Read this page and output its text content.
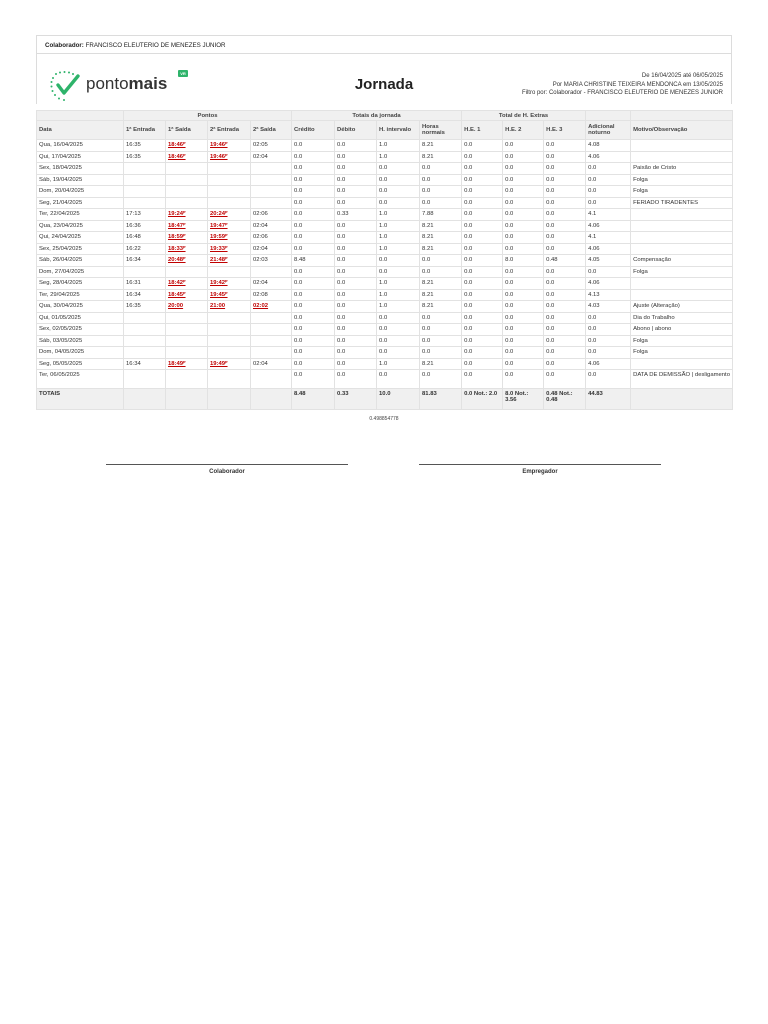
Colaborador: FRANCISCO ELEUTERIO DE MENEZES JUNIOR
pontomais
VR
Jornada	De 16/04/2025 até 06/05/2025
Por MARIA CHRISTINE TEIXEIRA MENDONCA em 13/05/2025
Filtro por: Colaborador - FRANCISCO ELEUTERIO DE MENEZES JUNIOR
	Pontos				Totais da jornada				Total de H. Extras				
Data	1ª Entrada	1ª Saída	2ª Entrada	2ª Saída	Crédito	Débito	H. intervalo	Horas normais	H.E. 1	H.E. 2	H.E. 3	Adicional noturno	Motivo/Observação
Qua, 16/04/2025	16:35	18:46ᴾ	19:46ᴾ	02:05	0.0	0.0	1.0	8.21	0.0	0.0	0.0	4.08	
Qui, 17/04/2025	16:35	18:46ᴾ	19:46ᴾ	02:04	0.0	0.0	1.0	8.21	0.0	0.0	0.0	4.06	
Sex, 18/04/2025					0.0	0.0	0.0	0.0	0.0	0.0	0.0	0.0	Paixão de Cristo
Sáb, 19/04/2025					0.0	0.0	0.0	0.0	0.0	0.0	0.0	0.0	Folga
Dom, 20/04/2025					0.0	0.0	0.0	0.0	0.0	0.0	0.0	0.0	Folga
Seg, 21/04/2025					0.0	0.0	0.0	0.0	0.0	0.0	0.0	0.0	FERIADO TIRADENTES
Ter, 22/04/2025	17:13	19:24ᴾ	20:24ᴾ	02:06	0.0	0.33	1.0	7.88	0.0	0.0	0.0	4.1	
Qua, 23/04/2025	16:36	18:47ᴾ	19:47ᴾ	02:04	0.0	0.0	1.0	8.21	0.0	0.0	0.0	4.06	
Qui, 24/04/2025	16:48	18:59ᴾ	19:59ᴾ	02:06	0.0	0.0	1.0	8.21	0.0	0.0	0.0	4.1	
Sex, 25/04/2025	16:22	18:33ᴾ	19:33ᴾ	02:04	0.0	0.0	1.0	8.21	0.0	0.0	0.0	4.06	
Sáb, 26/04/2025	16:34	20:48ᴾ	21:48ᴾ	02:03	8.48	0.0	0.0	0.0	0.0	8.0	0.48	4.05	Compensação
Dom, 27/04/2025					0.0	0.0	0.0	0.0	0.0	0.0	0.0	0.0	Folga
Seg, 28/04/2025	16:31	18:42ᴾ	19:42ᴾ	02:04	0.0	0.0	1.0	8.21	0.0	0.0	0.0	4.06	
Ter, 29/04/2025	16:34	18:45ᴾ	19:45ᴾ	02:08	0.0	0.0	1.0	8.21	0.0	0.0	0.0	4.13	
Qua, 30/04/2025	16:35	20:00	21:00	02:02	0.0	0.0	1.0	8.21	0.0	0.0	0.0	4.03	Ajuste (Alteração)
Qui, 01/05/2025					0.0	0.0	0.0	0.0	0.0	0.0	0.0	0.0	Dia do Trabalho
Sex, 02/05/2025					0.0	0.0	0.0	0.0	0.0	0.0	0.0	0.0	Abono | abono
Sáb, 03/05/2025					0.0	0.0	0.0	0.0	0.0	0.0	0.0	0.0	Folga
Dom, 04/05/2025					0.0	0.0	0.0	0.0	0.0	0.0	0.0	0.0	Folga
Seg, 05/05/2025	16:34	18:49ᴾ	19:49ᴾ	02:04	0.0	0.0	1.0	8.21	0.0	0.0	0.0	4.06	
Ter, 06/05/2025					0.0	0.0	0.0	0.0	0.0	0.0	0.0	0.0	DATA DE DEMISSÃO | desligamento
TOTAIS					8.48	0.33	10.0	81.83	0.0 Not.: 2.0	8.0 Not.: 3.56	0.48 Not.: 0.48	44.83	
0.498854778
Colaborador	Empregador
